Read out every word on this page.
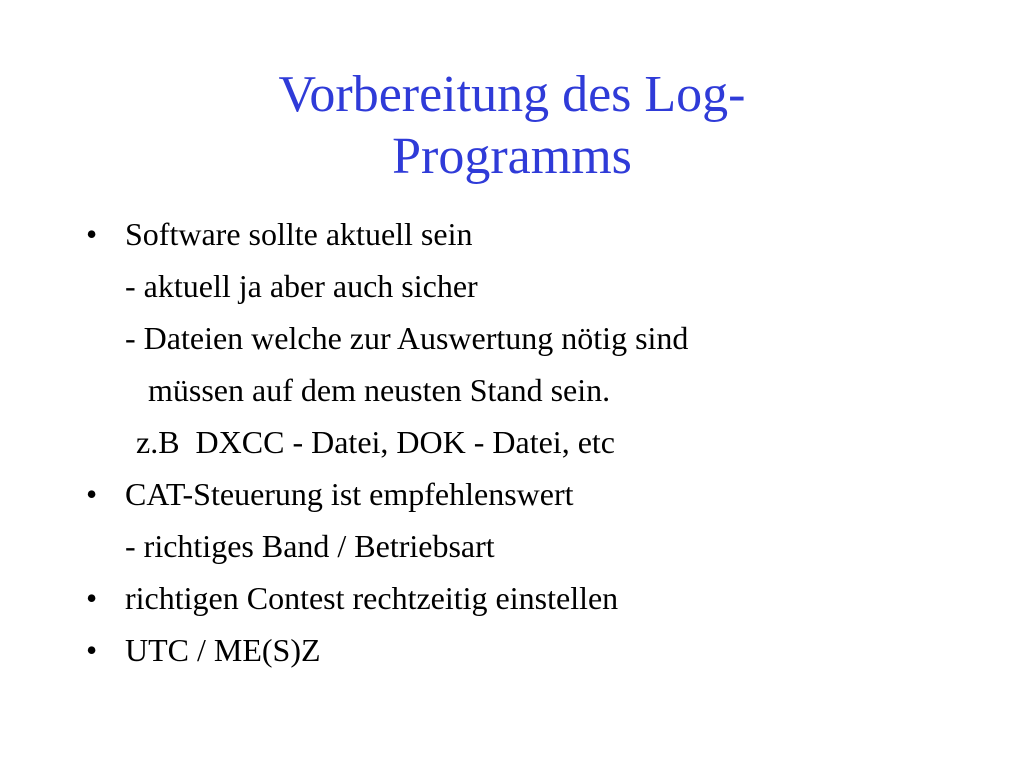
Vorbereitung des Log-
Programms
• Software sollte aktuell sein
- aktuell ja aber auch sicher
- Dateien welche zur Auswertung nötig sind
müssen auf dem neusten Stand sein.
z.B  DXCC - Datei, DOK - Datei, etc
• CAT-Steuerung ist empfehlenswert
- richtiges Band / Betriebsart
• richtigen Contest rechtzeitig einstellen
• UTC / ME(S)Z
